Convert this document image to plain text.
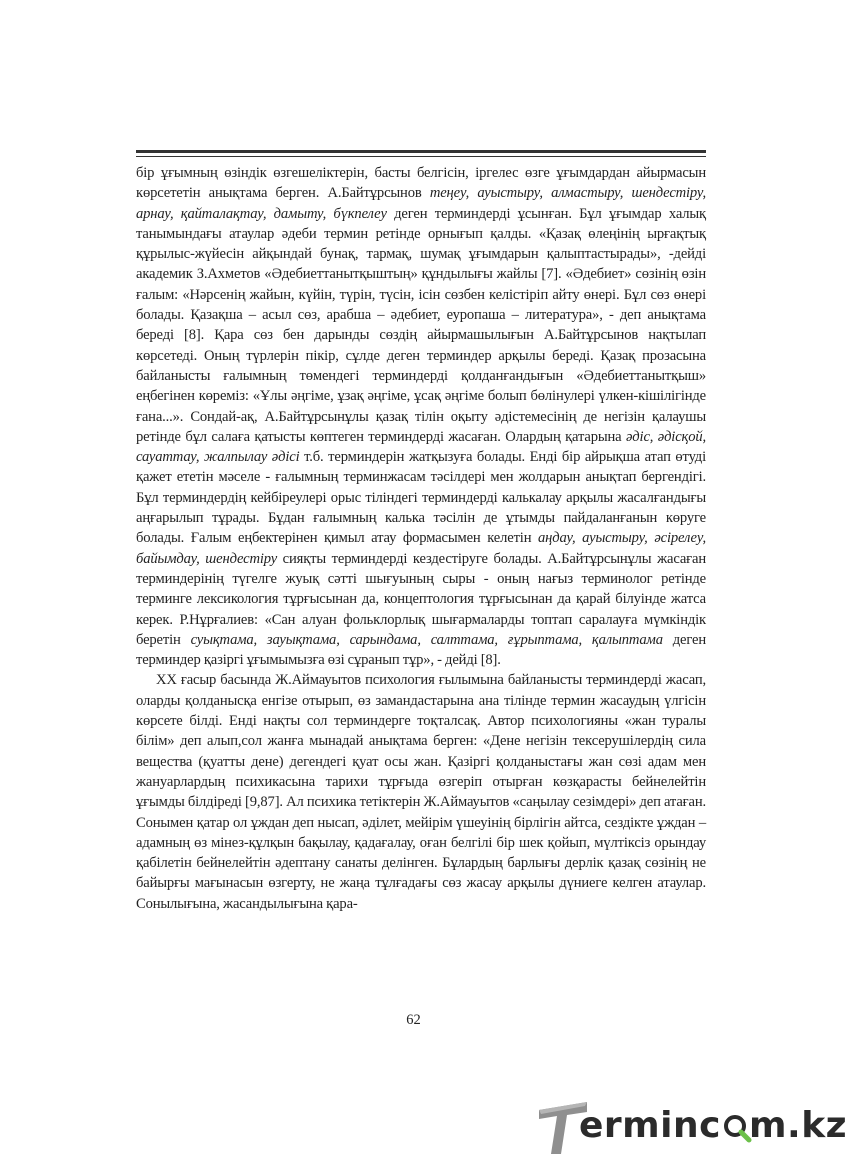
бір ұғымның өзіндік өзгешеліктерін, басты белгісін, іргелес өзге ұғымдардан айырмасын көрсететін анықтама берген. А.Байтұрсынов теңеу, ауыстыру, алмастыру, шендестіру, арнау, қайталақтау, дамыту, бүкпелеу деген терминдерді ұсынған. Бұл ұғымдар халық танымындағы атаулар әдеби термин ретінде орнығып қалды. «Қазақ өлеңінің ырғақтық құрылыс-жүйесін айқындай бунақ, тармақ, шумақ ұғымдарын қалыптастырады», -дейді академик З.Ахметов «Әдебиеттанытқыштың» құндылығы жайлы [7]. «Әдебиет» сөзінің өзін ғалым: «Нәрсенің жайын, күйін, түрін, түсін, ісін сөзбен келістіріп айту өнері. Бұл сөз өнері болады. Қазақша – асыл сөз, арабша – әдебиет, еуропаша – литература», - деп анықтама береді [8]. Қара сөз бен дарынды сөздің айырмашылығын А.Байтұрсынов нақтылап көрсетеді. Оның түрлерін пікір, сұлде деген терминдер арқылы береді. Қазақ прозасына байланысты ғалымның төмендегі терминдерді қолданғандығын «Әдебиеттанытқыш» еңбегінен көреміз: «Ұлы әңгіме, ұзақ әңгіме, ұсақ әңгіме болып бөлінулері үлкен-кішілігінде ғана...». Сондай-ақ, А.Байтұрсынұлы қазақ тілін оқыту әдістемесінің де негізін қалаушы ретінде бұл салаға қатысты көптеген терминдерді жасаған. Олардың қатарына әдіс, әдісқой, сауаттау, жалпылау әдісі т.б. терминдерін жатқызуға болады. Енді бір айрықша атап өтуді қажет ететін мәселе - ғалымның терминжасам тәсілдері мен жолдарын анықтап бергендігі. Бұл терминдердің кейбіреулері орыс тіліндегі терминдерді калькалау арқылы жасалғандығы аңғарылып тұрады. Бұдан ғалымның калька тәсілін де ұтымды пайдаланғанын көруге болады. Ғалым еңбектерінен қимыл атау формасымен келетін аңдау, ауыстыру, әсірелеу, байымдау, шендестіру сияқты терминдерді кездестіруге болады. А.Байтұрсынұлы жасаған терминдерінің түгелге жуық сәтті шығуының сыры - оның нағыз терминолог ретінде терминге лексикология тұрғысынан да, концептология тұрғысынан да қарай білуінде жатса керек. Р.Нұрғалиев: «Сан алуан фольклорлық шығармаларды топтап саралауға мүмкіндік беретін суықтама, зауықтама, сарындама, салттама, ғұрыптама, қалыптама деген терминдер қазіргі ұғымымызға өзі сұранып тұр», - дейді [8].

XX ғасыр басында Ж.Аймауытов психология ғылымына байланысты терминдерді жасап, оларды қолданысқа енгізе отырып, өз замандастарына ана тілінде термин жасаудың үлгісін көрсете білді. Енді нақты сол терминдерге тоқталсақ. Автор психологияны «жан туралы білім» деп алып,сол жанға мынадай анықтама берген: «Дене негізін тексерушілердің сила вещества (қуатты дене) дегендегі қуат осы жан. Қазіргі қолданыстағы жан сөзі адам мен жануарлардың психикасына тарихи тұрғыда өзгеріп отырған көзқарасты бейнелейтін ұғымды білдіреді [9,87]. Ал психика тетіктерін Ж.Аймауытов «саңылау сезімдері» деп атаған. Сонымен қатар ол ұждан деп нысап, әділет, мейірім үшеуінің бірлігін айтса, сездікте ұждан – адамның өз мінез-құлқын бақылау, қадағалау, оған белгілі бір шек қойып, мүлтіксіз орындау қабілетін бейнелейтін әдептану санаты делінген. Бұлардың барлығы дерлік қазақ сөзінің не байырғы мағынасын өзгерту, не жаңа тұлғадағы сөз жасау арқылы дүниеге келген атаулар. Сонылығына, жасандылығына қара-

62
erminc m.kz
